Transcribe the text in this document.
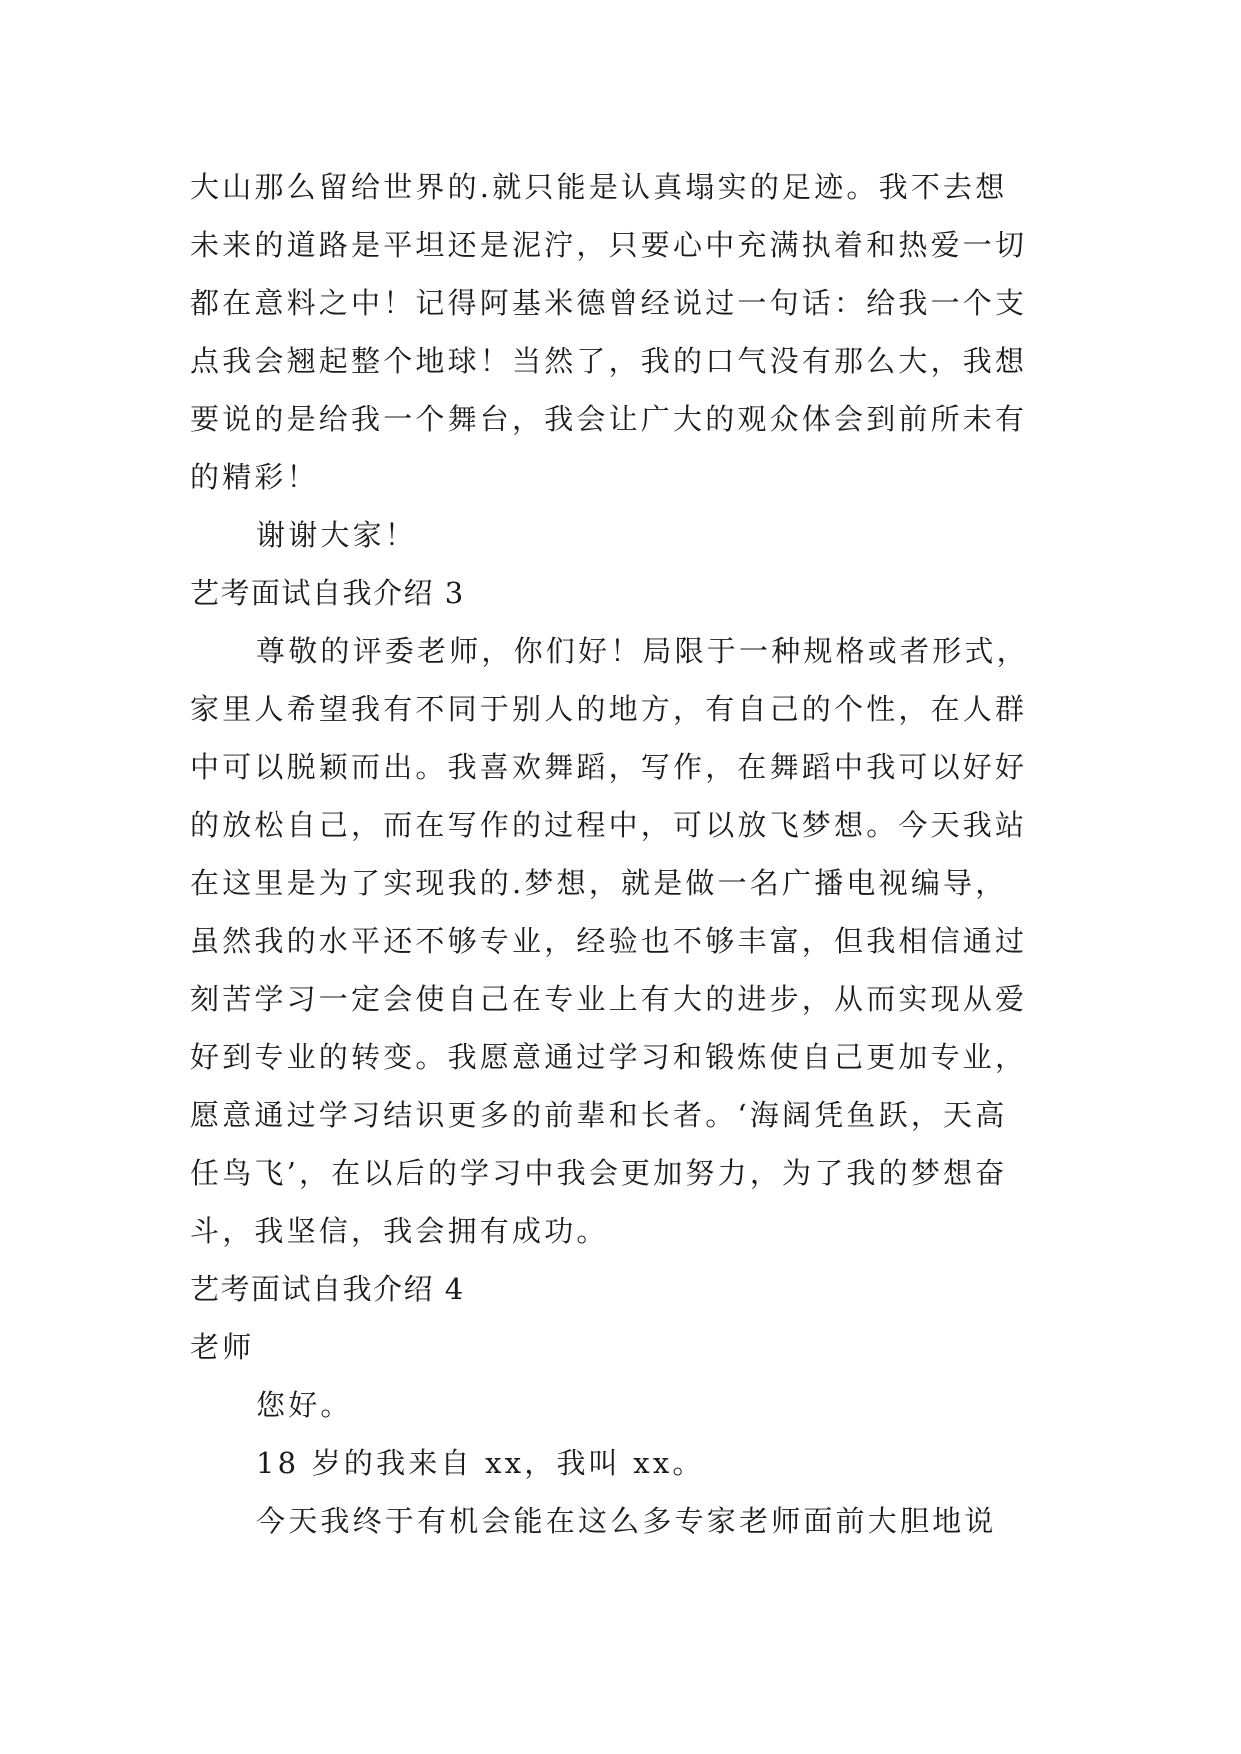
大山那么留给世界的.就只能是认真塌实的足迹。我不去想
未来的道路是平坦还是泥泞，只要心中充满执着和热爱一切
都在意料之中！记得阿基米德曾经说过一句话：给我一个支
点我会翘起整个地球！当然了，我的口气没有那么大，我想
要说的是给我一个舞台，我会让广大的观众体会到前所未有
的精彩！
谢谢大家！
艺考面试自我介绍 3
尊敬的评委老师，你们好！局限于一种规格或者形式，
家里人希望我有不同于别人的地方，有自己的个性，在人群
中可以脱颖而出。我喜欢舞蹈，写作，在舞蹈中我可以好好
的放松自己，而在写作的过程中，可以放飞梦想。今天我站
在这里是为了实现我的.梦想，就是做一名广播电视编导，
虽然我的水平还不够专业，经验也不够丰富，但我相信通过
刻苦学习一定会使自己在专业上有大的进步，从而实现从爱
好到专业的转变。我愿意通过学习和锻炼使自己更加专业，
愿意通过学习结识更多的前辈和长者。‘海阔凭鱼跃，天高
任鸟飞’，在以后的学习中我会更加努力，为了我的梦想奋
斗，我坚信，我会拥有成功。
艺考面试自我介绍 4
老师
您好。
18 岁的我来自 xx，我叫 xx。
今天我终于有机会能在这么多专家老师面前大胆地说
